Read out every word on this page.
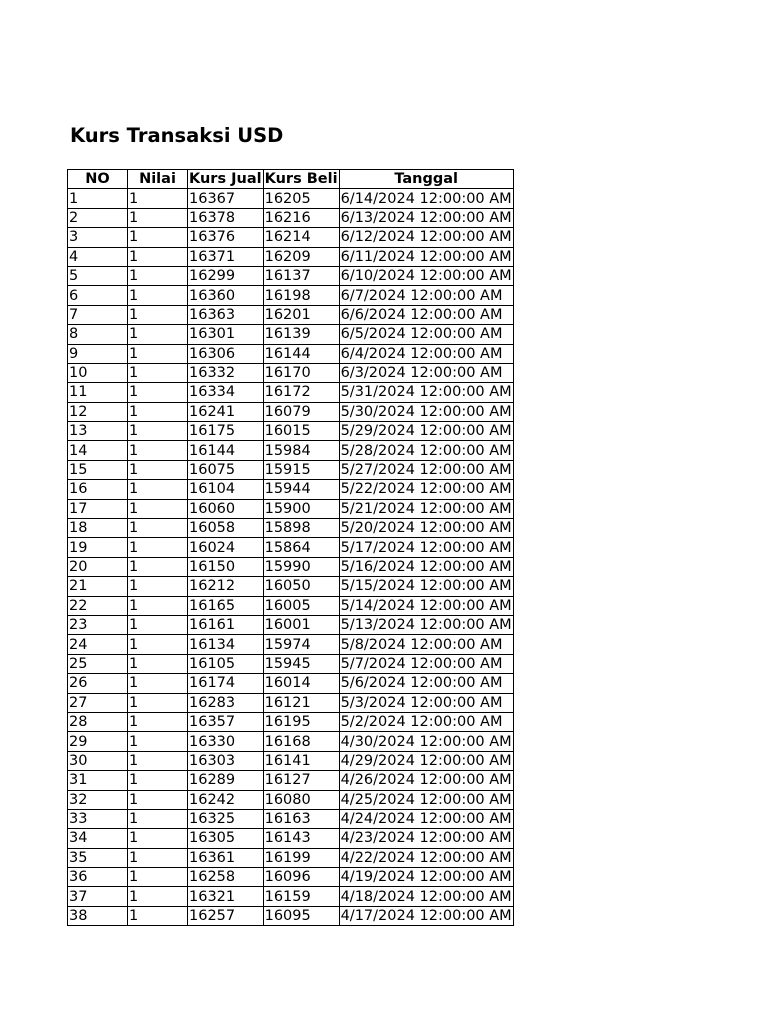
Kurs Transaksi USD
NO	Nilai	Kurs Jual	Kurs Beli	Tanggal
1	1	16367	16205	6/14/2024 12:00:00 AM
2	1	16378	16216	6/13/2024 12:00:00 AM
3	1	16376	16214	6/12/2024 12:00:00 AM
4	1	16371	16209	6/11/2024 12:00:00 AM
5	1	16299	16137	6/10/2024 12:00:00 AM
6	1	16360	16198	6/7/2024 12:00:00 AM
7	1	16363	16201	6/6/2024 12:00:00 AM
8	1	16301	16139	6/5/2024 12:00:00 AM
9	1	16306	16144	6/4/2024 12:00:00 AM
10	1	16332	16170	6/3/2024 12:00:00 AM
11	1	16334	16172	5/31/2024 12:00:00 AM
12	1	16241	16079	5/30/2024 12:00:00 AM
13	1	16175	16015	5/29/2024 12:00:00 AM
14	1	16144	15984	5/28/2024 12:00:00 AM
15	1	16075	15915	5/27/2024 12:00:00 AM
16	1	16104	15944	5/22/2024 12:00:00 AM
17	1	16060	15900	5/21/2024 12:00:00 AM
18	1	16058	15898	5/20/2024 12:00:00 AM
19	1	16024	15864	5/17/2024 12:00:00 AM
20	1	16150	15990	5/16/2024 12:00:00 AM
21	1	16212	16050	5/15/2024 12:00:00 AM
22	1	16165	16005	5/14/2024 12:00:00 AM
23	1	16161	16001	5/13/2024 12:00:00 AM
24	1	16134	15974	5/8/2024 12:00:00 AM
25	1	16105	15945	5/7/2024 12:00:00 AM
26	1	16174	16014	5/6/2024 12:00:00 AM
27	1	16283	16121	5/3/2024 12:00:00 AM
28	1	16357	16195	5/2/2024 12:00:00 AM
29	1	16330	16168	4/30/2024 12:00:00 AM
30	1	16303	16141	4/29/2024 12:00:00 AM
31	1	16289	16127	4/26/2024 12:00:00 AM
32	1	16242	16080	4/25/2024 12:00:00 AM
33	1	16325	16163	4/24/2024 12:00:00 AM
34	1	16305	16143	4/23/2024 12:00:00 AM
35	1	16361	16199	4/22/2024 12:00:00 AM
36	1	16258	16096	4/19/2024 12:00:00 AM
37	1	16321	16159	4/18/2024 12:00:00 AM
38	1	16257	16095	4/17/2024 12:00:00 AM
